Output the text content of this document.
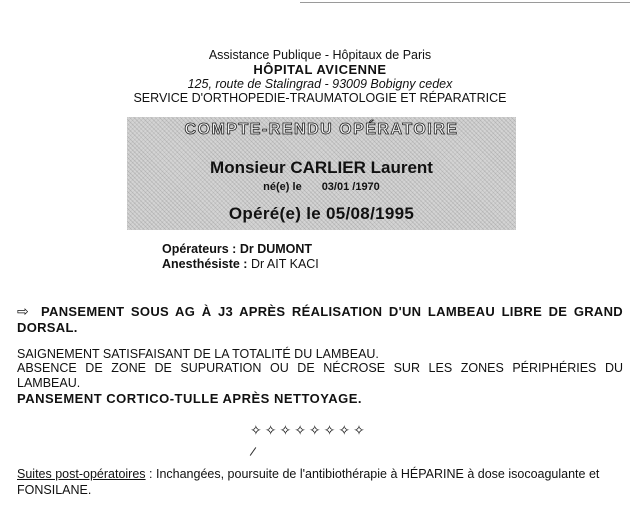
Assistance Publique - Hôpitaux de Paris
HÔPITAL AVICENNE
125, route de Stalingrad - 93009 Bobigny cedex
SERVICE D'ORTHOPEDIE-TRAUMATOLOGIE ET RÉPARATRICE
COMPTE-RENDU OPÉRATOIRE
Monsieur CARLIER Laurent
né(e) le 03/01 /1970
Opéré(e) le 05/08/1995
Opérateurs : Dr DUMONT
Anesthésiste : Dr AIT KACI
⇨ PANSEMENT SOUS AG À J3 APRÈS RÉALISATION D'UN LAMBEAU LIBRE DE GRAND DORSAL.
SAIGNEMENT SATISFAISANT DE LA TOTALITÉ DU LAMBEAU.
ABSENCE DE ZONE DE SUPURATION OU DE NÉCROSE SUR LES ZONES PÉRIPHÉRIES DU LAMBEAU.
PANSEMENT CORTICO-TULLE APRÈS NETTOYAGE.
✧✧✧✧✧✧✧✧
Suites post-opératoires : Inchangées, poursuite de l'antibiothérapie à HÉPARINE à dose isocoagulante et FONSILANE.
